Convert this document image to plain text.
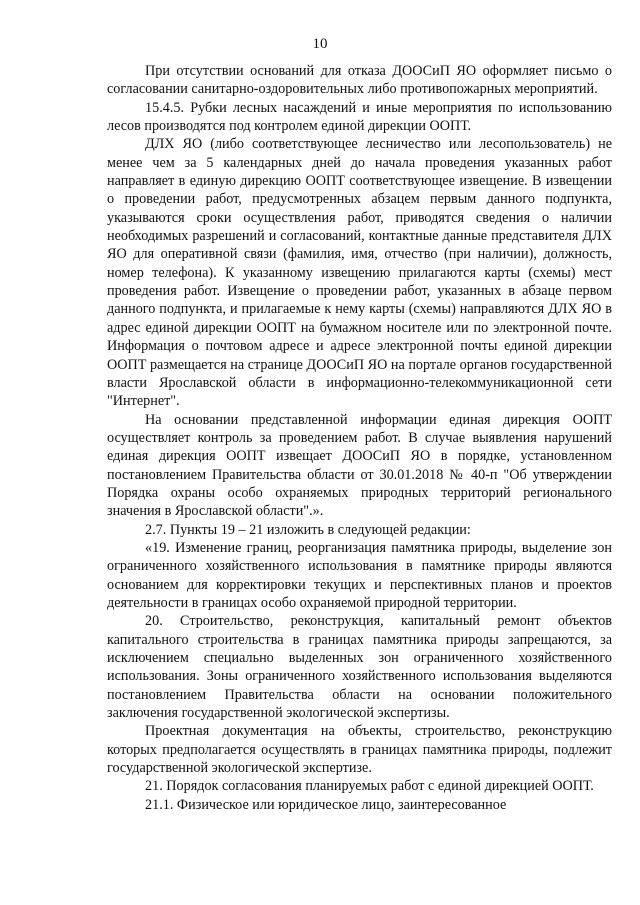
10

При отсутствии оснований для отказа ДООСиП ЯО оформляет письмо о согласовании санитарно-оздоровительных либо противопожарных мероприятий.

15.4.5. Рубки лесных насаждений и иные мероприятия по использованию лесов производятся под контролем единой дирекции ООПТ.

ДЛХ ЯО (либо соответствующее лесничество или лесопользователь) не менее чем за 5 календарных дней до начала проведения указанных работ направляет в единую дирекцию ООПТ соответствующее извещение. В извещении о проведении работ, предусмотренных абзацем первым данного подпункта, указываются сроки осуществления работ, приводятся сведения о наличии необходимых разрешений и согласований, контактные данные представителя ДЛХ ЯО для оперативной связи (фамилия, имя, отчество (при наличии), должность, номер телефона). К указанному извещению прилагаются карты (схемы) мест проведения работ. Извещение о проведении работ, указанных в абзаце первом данного подпункта, и прилагаемые к нему карты (схемы) направляются ДЛХ ЯО в адрес единой дирекции ООПТ на бумажном носителе или по электронной почте. Информация о почтовом адресе и адресе электронной почты единой дирекции ООПТ размещается на странице ДООСиП ЯО на портале органов государственной власти Ярославской области в информационно-телекоммуникационной сети "Интернет".

На основании представленной информации единая дирекция ООПТ осуществляет контроль за проведением работ. В случае выявления нарушений единая дирекция ООПТ извещает ДООСиП ЯО в порядке, установленном постановлением Правительства области от 30.01.2018 № 40-п "Об утверждении Порядка охраны особо охраняемых природных территорий регионального значения в Ярославской области".».

2.7. Пункты 19 – 21 изложить в следующей редакции:

«19. Изменение границ, реорганизация памятника природы, выделение зон ограниченного хозяйственного использования в памятнике природы являются основанием для корректировки текущих и перспективных планов и проектов деятельности в границах особо охраняемой природной территории.

20. Строительство, реконструкция, капитальный ремонт объектов капитального строительства в границах памятника природы запрещаются, за исключением специально выделенных зон ограниченного хозяйственного использования. Зоны ограниченного хозяйственного использования выделяются постановлением Правительства области на основании положительного заключения государственной экологической экспертизы.

Проектная документация на объекты, строительство, реконструкцию которых предполагается осуществлять в границах памятника природы, подлежит государственной экологической экспертизе.

21. Порядок согласования планируемых работ с единой дирекцией ООПТ.

21.1. Физическое или юридическое лицо, заинтересованное
